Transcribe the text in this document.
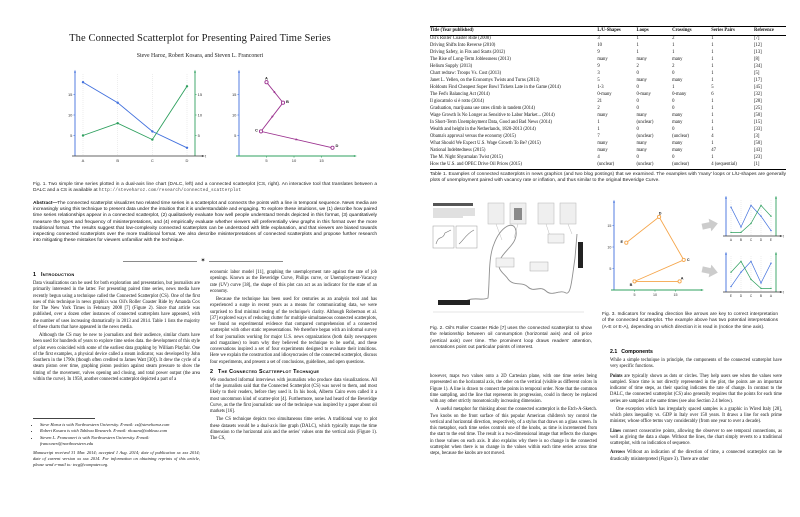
The Connected Scatterplot for Presenting Paired Time Series
Steve Haroz, Robert Kosara, and Steven L. Franconeri
t
5	5
10	10
15	15
A	B	C	D
5
10
15
5	10	15
A
B
C
D
Fig. 1. Two simple time series plotted in a dual-axis line chart (DALC, left) and a connected scatterplot (CS, right). An interactive tool that translates between a DALC and a CS is available at http://steveharoz.com/research/connected_scatterplot
Abstract—The connected scatterplot visualizes two related time series in a scatterplot and connects the points with a line in temporal sequence. News media are increasingly using this technique to present data under the intuition that it is understandable and engaging. To explore these intuitions, we (1) describe how paired time series relationships appear in a connected scatterplot, (2) qualitatively evaluate how well people understand trends depicted in this format, (3) quantitatively measure the types and frequency of misinterpretations, and (4) empirically evaluate whether viewers will preferentially view graphs in this format over the more traditional format. The results suggest that low-complexity connected scatterplots can be understood with little explanation, and that viewers are biased towards inspecting connected scatterplots over the more traditional format. We also describe misinterpretations of connected scatterplots and propose further research into mitigating these mistakes for viewers unfamiliar with the technique.
✶
1 Introduction

Data visualizations can be used for both exploration and presentation, but journalists are primarily interested in the latter. For presenting paired time series, news media have recently begun using a technique called the Connected Scatterplot (CS). One of the first uses of this technique in news graphics was Oil's Roller Coaster Ride by Amanda Cox for The New York Times in February 2008 [7] (Figure 2). Since that article was published, over a dozen other instances of connected scatterplots have appeared, with the number of uses increasing dramatically in 2013 and 2014. Table 1 lists the majority of these charts that have appeared in the news media.

Although the CS may be new to journalists and their audience, similar charts have been used for hundreds of years to explore time series data. the development of this style of plot even coincided with some of the earliest data graphing by William Playfair. One of the first examples, a physical device called a steam indicator, was developed by John Southern in the 1790s (though often credited to James Watt [30]). It drew the cycle of a steam piston over time, graphing piston position against steam pressure to show the timing of the movement, valves opening and closing, and total power output (the area within the curve). In 1958, another connected scatterplot depicted a part of a

• Steve Haroz is with Northwestern University. E-mail: cs@steveharoz.com
• Robert Kosara is with Tableau Research. E-mail: rkosara@tableau.com
• Steven L. Franconeri is with Northwestern University. E-mail: franconeri@northwestern.edu
Manuscript received 31 Mar. 2014; accepted 1 Aug. 2014; date of publication xx xxx 2014; date of current version xx xxx 2014. For information on obtaining reprints of this article, please send e-mail to: tvcg@computer.org.

economic labor model [11], graphing the unemployment rate against the rate of job openings. Known as the Beveridge Curve, Philips curve, or Unemployment-Vacancy rate (UV) curve [38], the shape of this plot can act as an indicator for the state of an economy.

Because the technique has been used for centuries as an analysis tool and has experienced a surge in recent years as a means for communicating data, we were surprised to find minimal testing of the technique's clarity. Although Robertson et al. [37] explored ways of reducing clutter for multiple simultaneous connected scatterplots, we found no experimental evidence that compared comprehension of a connected scatterplot with other static representations. We therefore began with an informal survey of four journalists working for major U.S. news organizations (both daily newspapers and magazines) to learn why they believed the technique to be useful, and these conversations inspired a set of four experiments designed to evaluate their intuitions. Here we explain the construction and idiosyncrasies of the connected scatterplot, discuss four experiments, and present a set of conclusions, guidelines, and open questions.

2 The Connected Scatterplot Technique

We conducted informal interviews with journalists who produce data visualizations. All of the journalists said that the Connected Scatterplot (CS) was novel to them, and most likely to their readers, before they used it. In his book, Alberto Cairo even called it a most uncommon kind of scatter-plot [4]. Furthermore, none had heard of the Beveridge Curve, as the the first journalistic use of the technique was inspired by a paper about oil markets [16].

The CS technique depicts two simultaneous time series. A traditional way to plot these datasets would be a dual-axis line graph (DALC), which typically maps the time dimension to the horizontal axis and the series' values onto the vertical axis (Figure 1). The CS,

Title (Year published)	L/U-Shapes	Loops	Crossings	Series Pairs	Reference
Oil's Roller Coaster Ride (2008)	3	1	2	1	[7]
Driving Shifts Into Reverse (2010)	10	1	1	1	[12]
Driving Safety, in Fits and Starts (2012)	9	1	1	1	[13]
The Rise of Long-Term Joblessness (2013)	many	many	many	1	[8]
Helium Supply (2013)	9	2	2	1	[34]
Chart redraw: Troops Vs. Cost (2013)	3	0	0	1	[5]
Janet L. Yellen, on the Economys Twists and Turns (2013)	5	many	many	1	[17]
Holdouts Find Cheapest Super Bowl Tickets Late in the Game (2014)	1-3	0	1	5	[45]
The Fed's Balancing Act (2014)	0-many	0-many	0-many	6	[32]
Il giocattolo si è rotto (2014)	21	0	0	1	[28]
Graduation, marijuana use rates climb in tandem (2014)	2	0	0	1	[25]
Wage Growth Is No Longer as Sensitive to Labor Market... (2014)	many	many	many	1	[50]
In Short-Term Unemployment Data, Good and Bad News (2014)	1	(unclear)	many	1	[15]
Wealth and height in the Netherlands, 1820-2013 (2014)	1	0	0	1	[33]
Obama's approval versus the economy (2015)	7	(unclear)	(unclear)	4	[3]
What Should We Expect U.S. Wage Growth To Be? (2015)	many	many	many	1	[50]
National Indebtedness (2015)	many	many	many	47	[43]
The M. Night Shyamalan Twist (2015)	4	0	0	1	[23]
How the U.S. and OPEC Drive Oil Prices (2015)	(unclear)	(unclear)	(unclear)	4 (sequential)	[1]
Table 1. Examples of connected scatterplots in news graphics (and two blog postings) that we examined. The examples with 'many' loops or L/U-shapes are generally plots of unemployment paired with vacancy rate or inflation, and thus similar to the original Beveridge Curve.
Fig. 2. Oil's Roller Coaster Ride [7] uses the connected scatterplot to show the relationship between oil consumption (horizontal axis) and oil price (vertical axis) over time. The prominent loop draws readers' attention, annotations point out particular points of interest.
5
10
15
5	10	15
E
D
C
B
A
t
A B C D E
t
E D C B A
Fig. 3. Indicators for reading direction like arrows are key to correct interpretation of the connected scatterplot. The example above has two potential interpretations (A-E or E-A), depending on which direction it is read in (notice the time axis).

however, maps two values onto a 2D Cartesian plane, with one time series being represented on the horizontal axis, the other on the vertical (visible as different colors in Figure 1). A line is drawn to connect the points in temporal order. Note that the common time sampling, and the line that represents its progression, could in theory be replaced with any other strictly monotonically increasing dimension.

A useful metaphor for thinking about the connected scatterplot is the Etch-A-Sketch. Two knobs on the front surface of this popular American children's toy control the vertical and horizontal direction, respectively, of a stylus that draws on a glass screen. In this metaphor, each time series controls one of the knobs, as time is incremented from the start to the end time. The result is a two-dimensional image that reflects the changes in those values on each axis. It also explains why there is no change in the connected scatterplot when there is no change in the values within each time series across time steps, because the knobs are not moved.

2.1 Components

While a simple technique in principle, the components of the connected scatterplot have very specific functions.

Points are typically shown as dots or circles. They help users see when the values were sampled. Since time is not directly represented in the plot, the points are an important indicator of time steps, as their spacing indicates the rate of change. In contrast to the DALC, the connected scatterplot (CS) also generally requires that the points for each time series are sampled at the same times (see also Section 2.4 below).

One exception which has irregularly spaced samples is a graphic in Wired Italy [28], which plots inequality vs. GDP in Italy over 150 years. It draws a line for each prime minister, whose office terms vary considerably (from one year to over a decade).

Lines connect consecutive points, allowing the observer to see temporal connections, as well as giving the data a shape. Without the lines, the chart simply reverts to a traditional scatterplot, with no indication of sequence.

Arrows Without an indication of the direction of time, a connected scatterplot can be drastically misinterpreted (Figure 3). There are other
